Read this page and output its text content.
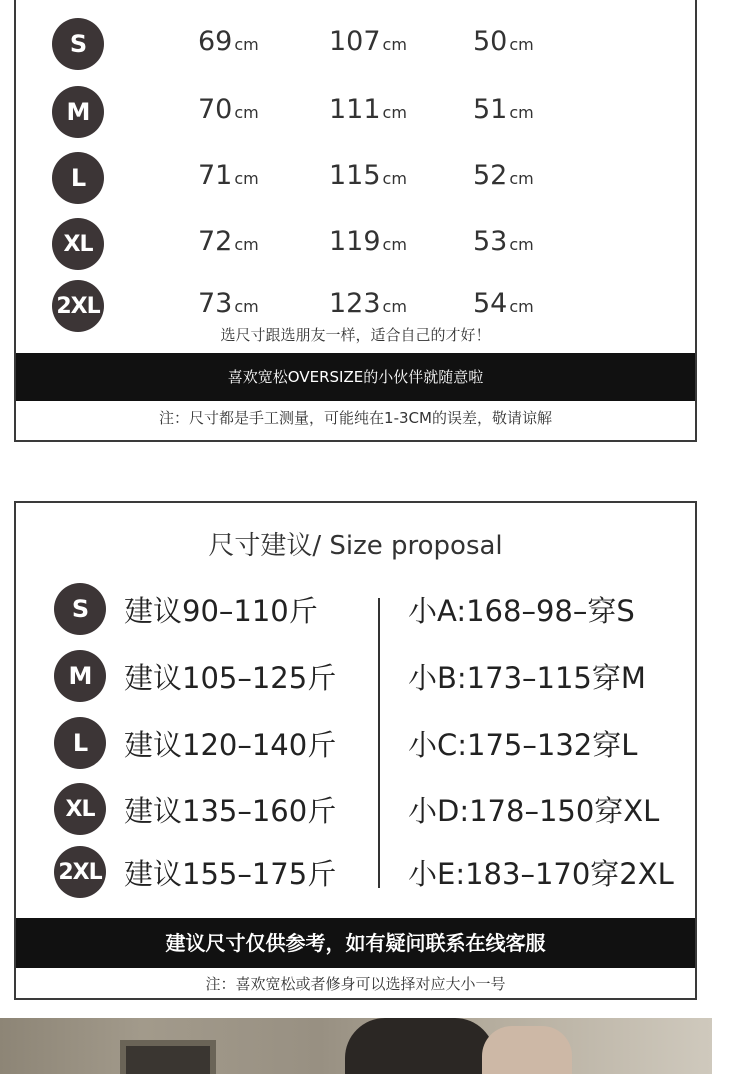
S	69 cm	107 cm 50 cm
M	70 cm	111 cm 51 cm
L	71 cm	115 cm 52 cm
XL	72 cm	119 cm 53 cm
2XL	73 cm	123 cm 54 cm
选尺寸跟选朋友一样，适合自己的才好！
喜欢宽松OVERSIZE的小伙伴就随意啦
注：尺寸都是手工测量，可能纯在1-3CM的误差，敬请谅解
尺寸建议/ Size proposal
S	建议90–110斤	小A:168–98–穿S
M	建议105–125斤 小B:173–115穿M
L	建议120–140斤 小C:175–132穿L
XL	建议135–160斤 小D:178–150穿XL
2XL 建议155–175斤 小E:183–170穿2XL
建议尺寸仅供参考，如有疑问联系在线客服
注：喜欢宽松或者修身可以选择对应大小一号
